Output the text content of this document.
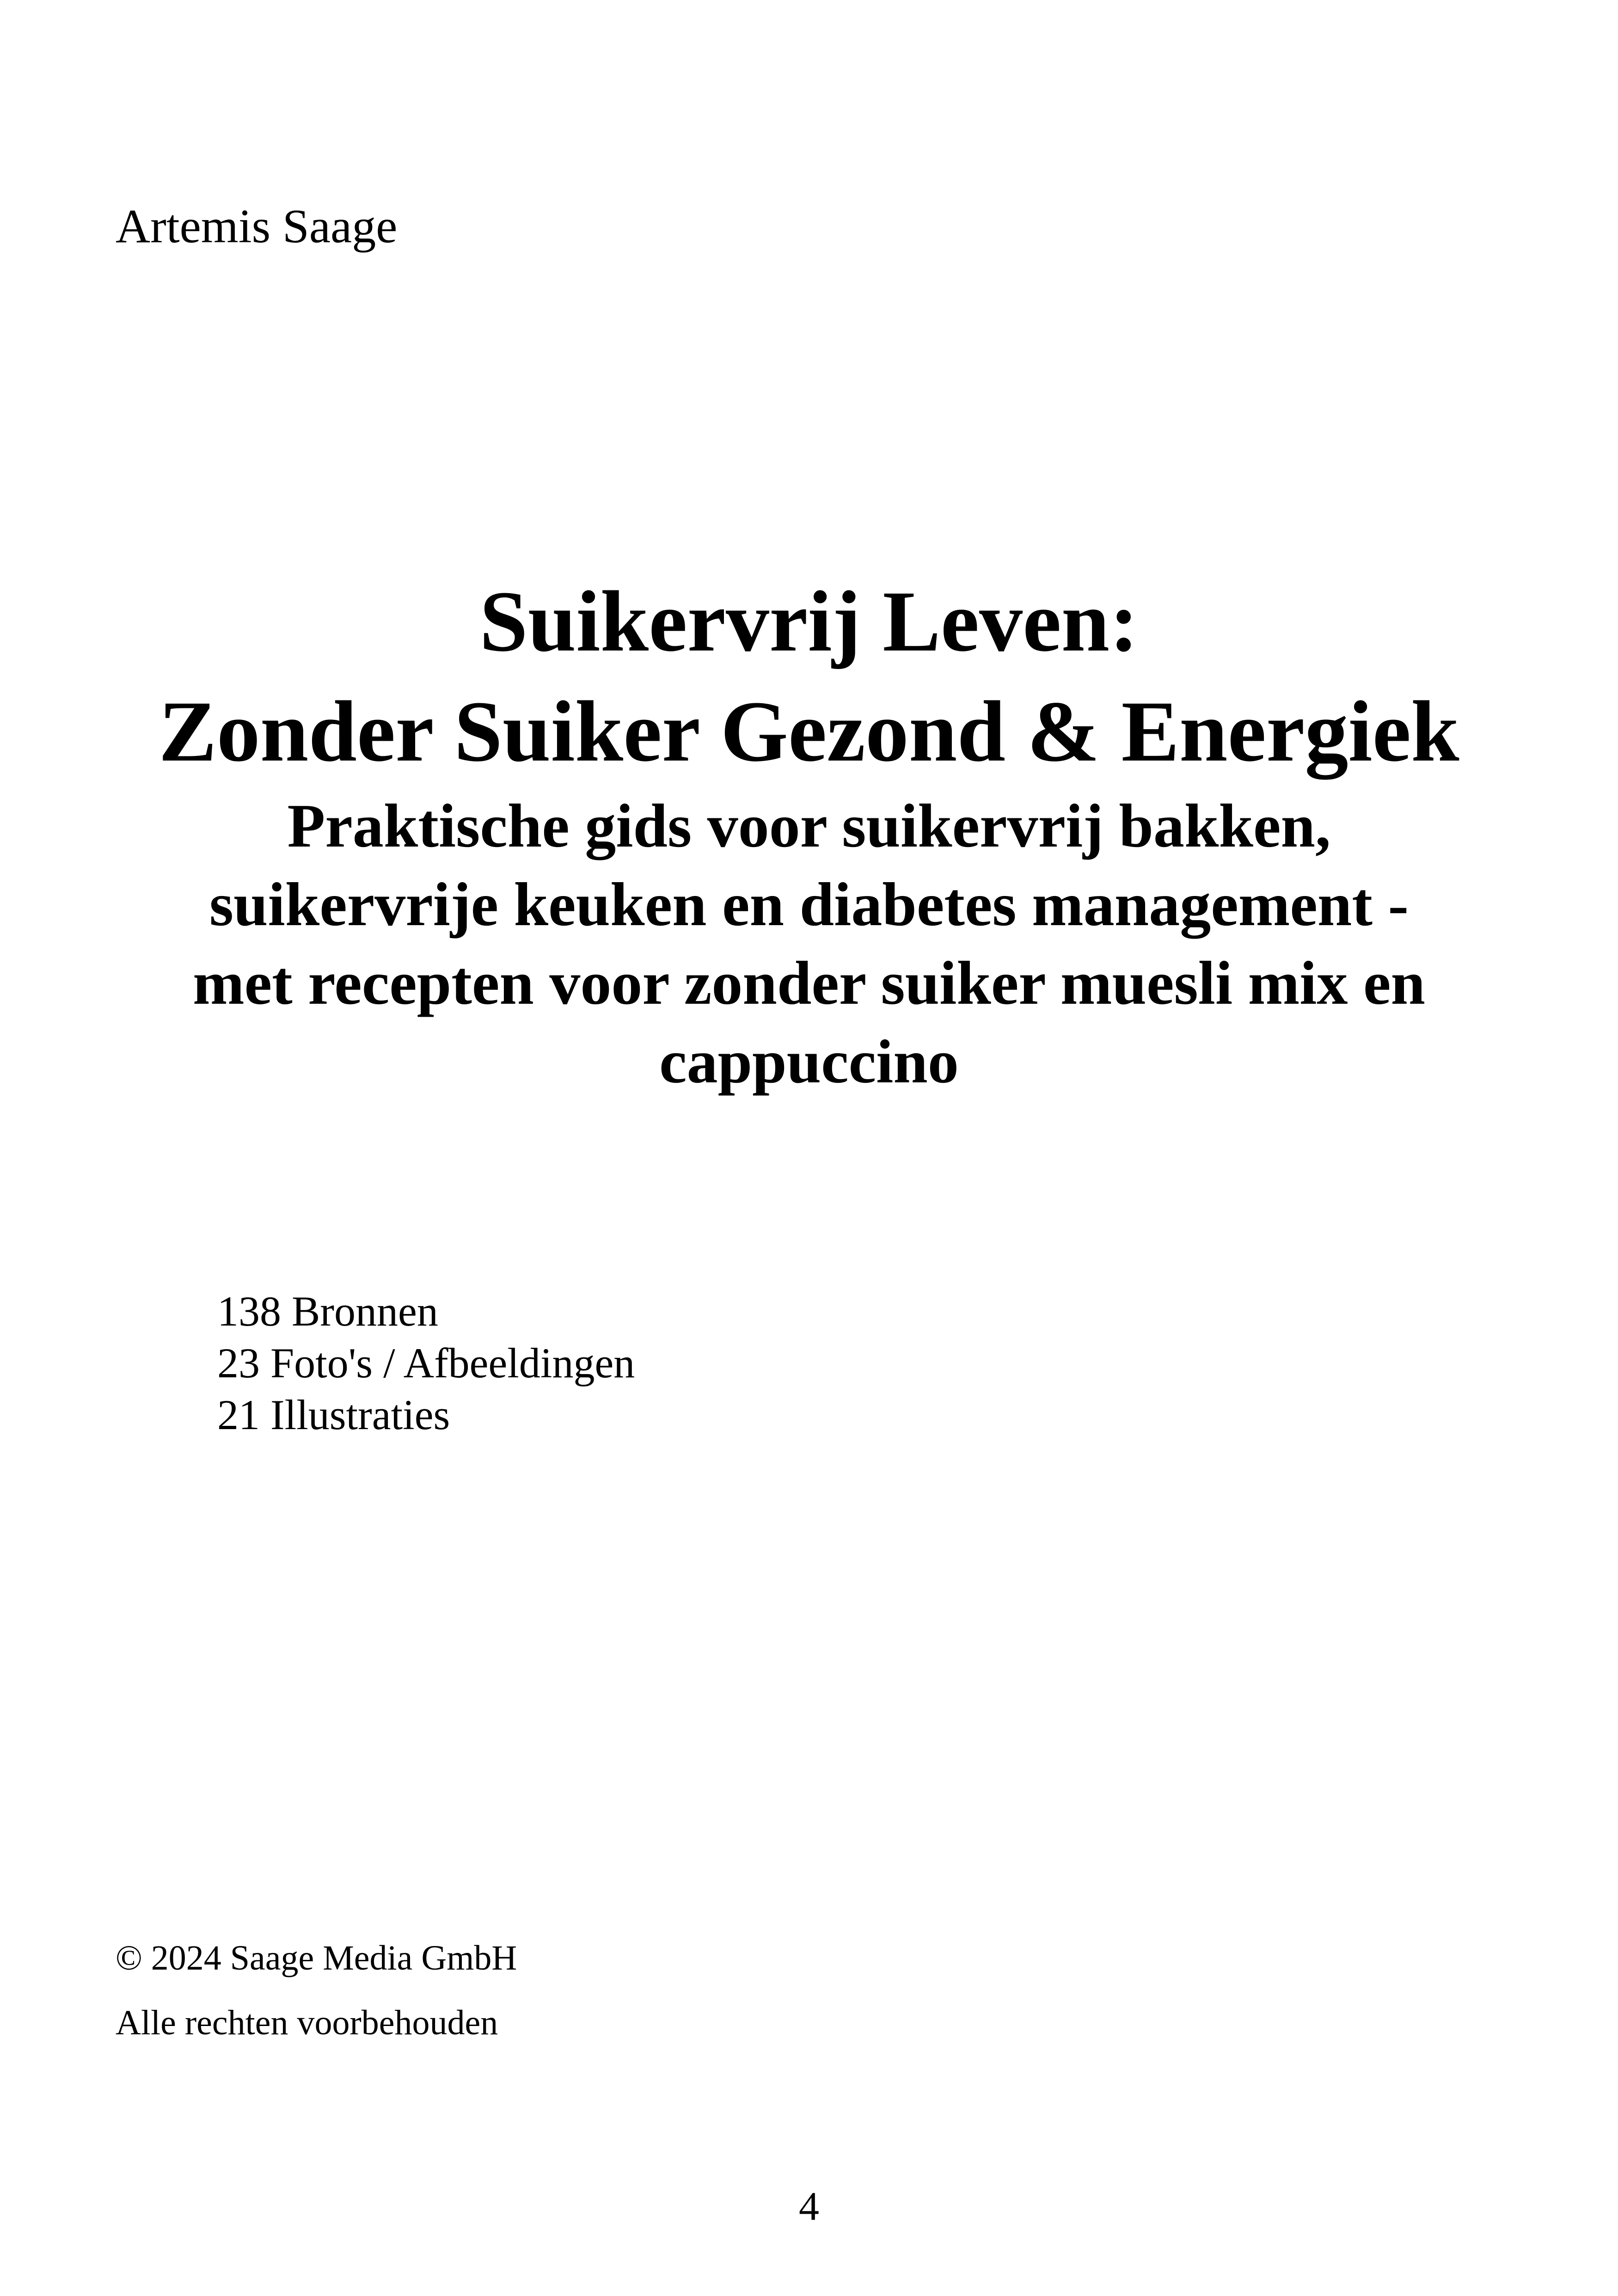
Artemis Saage
Suikervrij Leven:
Zonder Suiker Gezond & Energiek
Praktische gids voor suikervrij bakken,
suikervrije keuken en diabetes management -
met recepten voor zonder suiker muesli mix en
cappuccino
138 Bronnen
23 Foto's / Afbeeldingen
21 Illustraties
© 2024 Saage Media GmbH
Alle rechten voorbehouden
4
